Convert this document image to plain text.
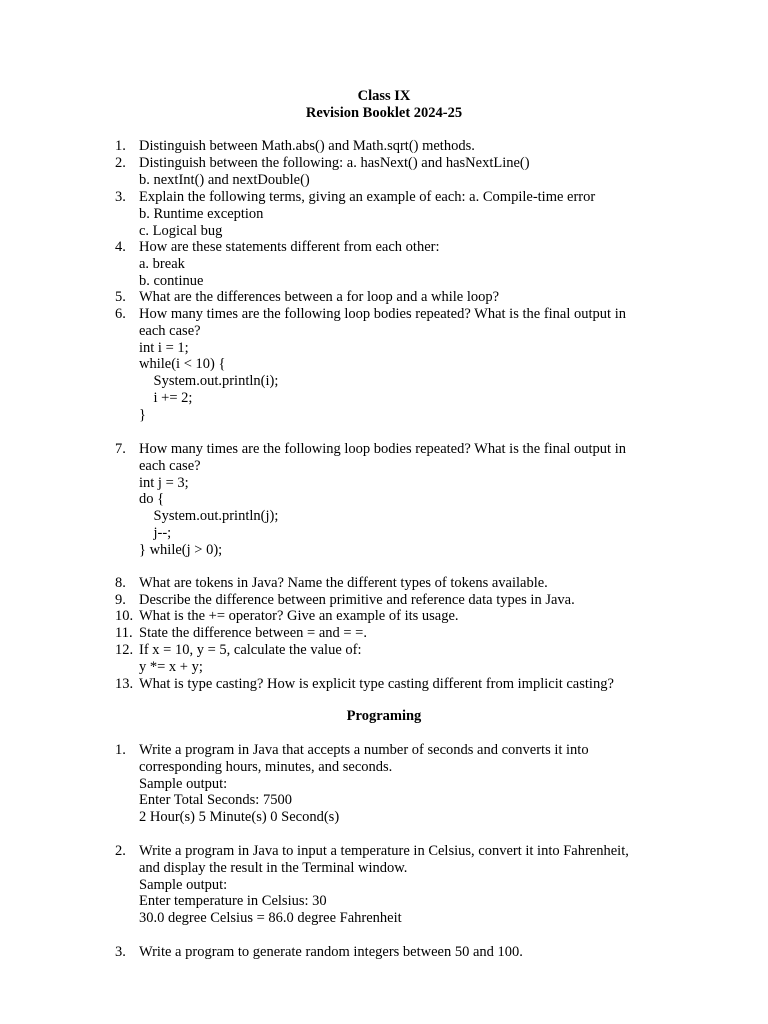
Class IX
Revision Booklet 2024-25
1. Distinguish between Math.abs() and Math.sqrt() methods.
2. Distinguish between the following: a. hasNext() and hasNextLine()
b. nextInt() and nextDouble()
3. Explain the following terms, giving an example of each: a. Compile-time error
b. Runtime exception
c. Logical bug
4. How are these statements different from each other:
a. break
b. continue
5. What are the differences between a for loop and a while loop?
6. How many times are the following loop bodies repeated? What is the final output in
each case?
int i = 1;
while(i < 10) {
System.out.println(i);
i += 2;
}
7. How many times are the following loop bodies repeated? What is the final output in
each case?
int j = 3;
do {
System.out.println(j);
j--;
} while(j > 0);
8. What are tokens in Java? Name the different types of tokens available.
9. Describe the difference between primitive and reference data types in Java.
10. What is the += operator? Give an example of its usage.
11. State the difference between = and = =.
12. If x = 10, y = 5, calculate the value of:
y *= x + y;
13. What is type casting? How is explicit type casting different from implicit casting?
Programing
1. Write a program in Java that accepts a number of seconds and converts it into
corresponding hours, minutes, and seconds.
Sample output:
Enter Total Seconds: 7500
2 Hour(s) 5 Minute(s) 0 Second(s)
2. Write a program in Java to input a temperature in Celsius, convert it into Fahrenheit,
and display the result in the Terminal window.
Sample output:
Enter temperature in Celsius: 30
30.0 degree Celsius = 86.0 degree Fahrenheit
3. Write a program to generate random integers between 50 and 100.
